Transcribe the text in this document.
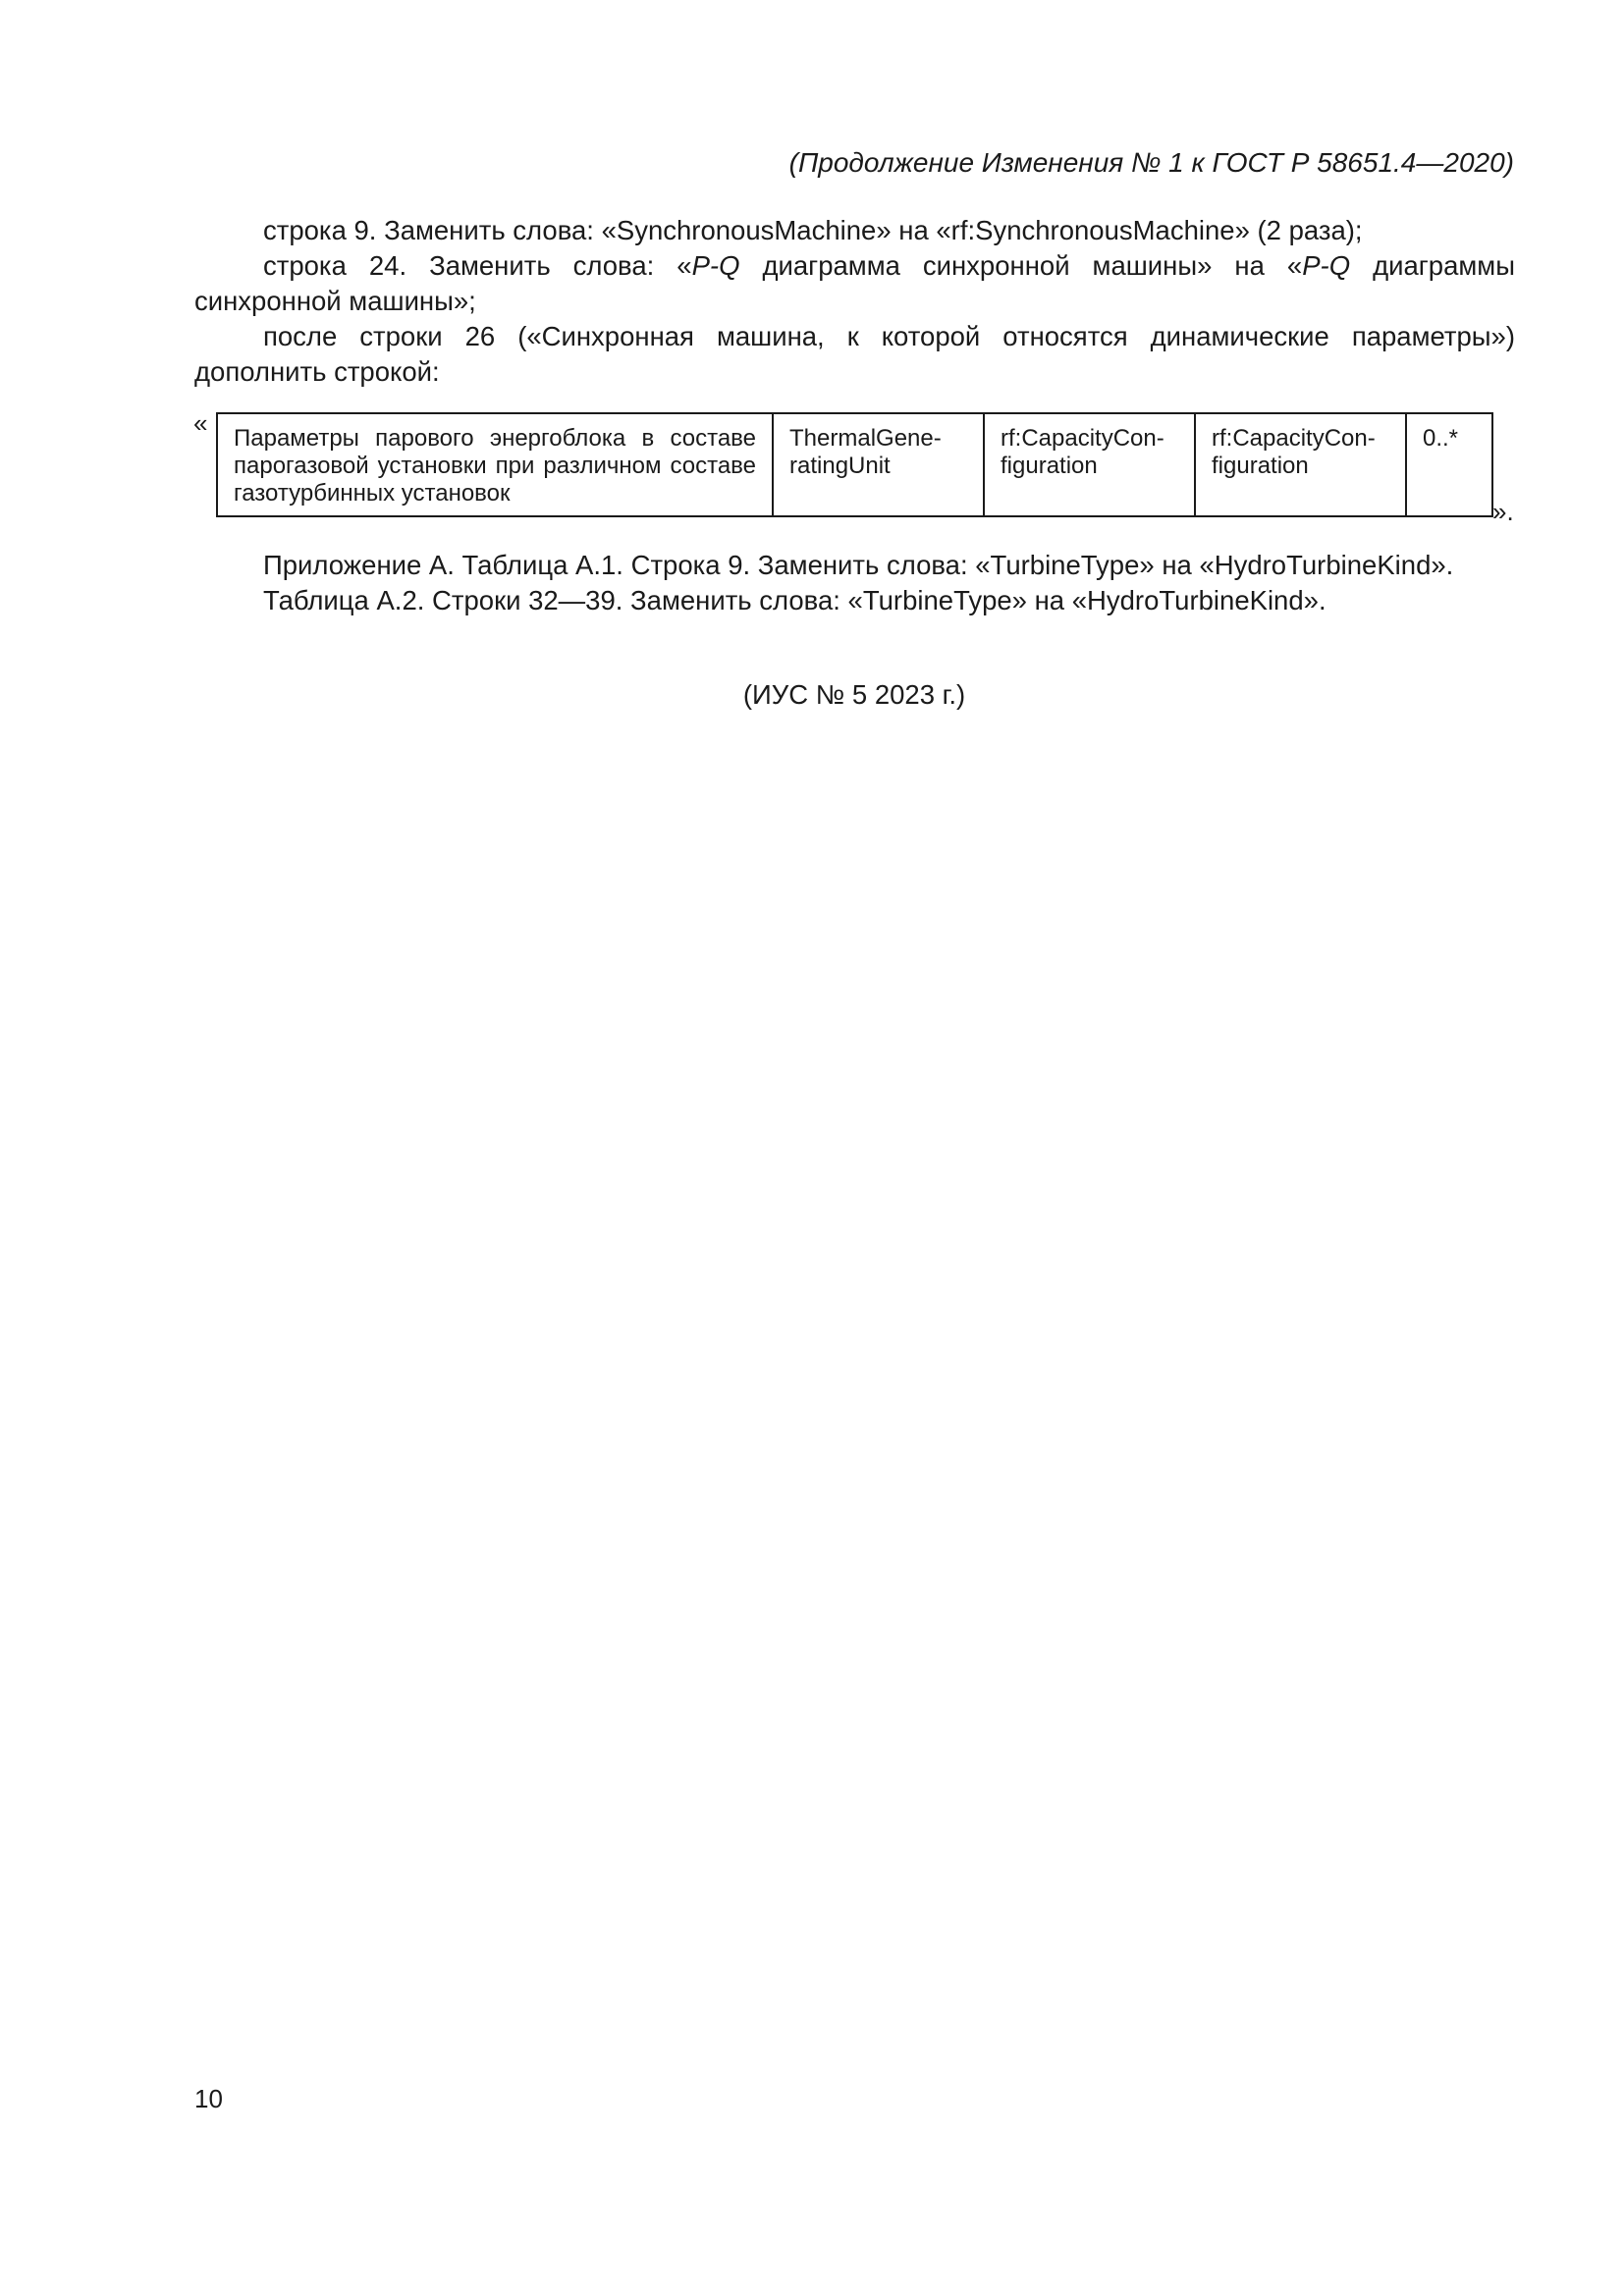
(Продолжение Изменения № 1 к ГОСТ Р 58651.4—2020)

строка 9. Заменить слова: «SynchronousMachine» на «rf:SynchronousMachine» (2 раза);

строка 24. Заменить слова: «P-Q диаграмма синхронной машины» на «P-Q диаграммы синхронной машины»;

после строки 26 («Синхронная машина, к которой относятся динамические параметры») дополнить строкой:

«
Параметры парового энергоблока в составе парогазовой установки при различном составе газотурбинных установок	ThermalGene-ratingUnit	rf:CapacityCon-figuration	rf:CapacityCon-figuration	0..*
».

Приложение А. Таблица А.1. Строка 9. Заменить слова: «TurbineType» на «HydroTurbineKind».

Таблица А.2. Строки 32—39. Заменить слова: «TurbineType» на «HydroTurbineKind».

(ИУС № 5 2023 г.)
10
